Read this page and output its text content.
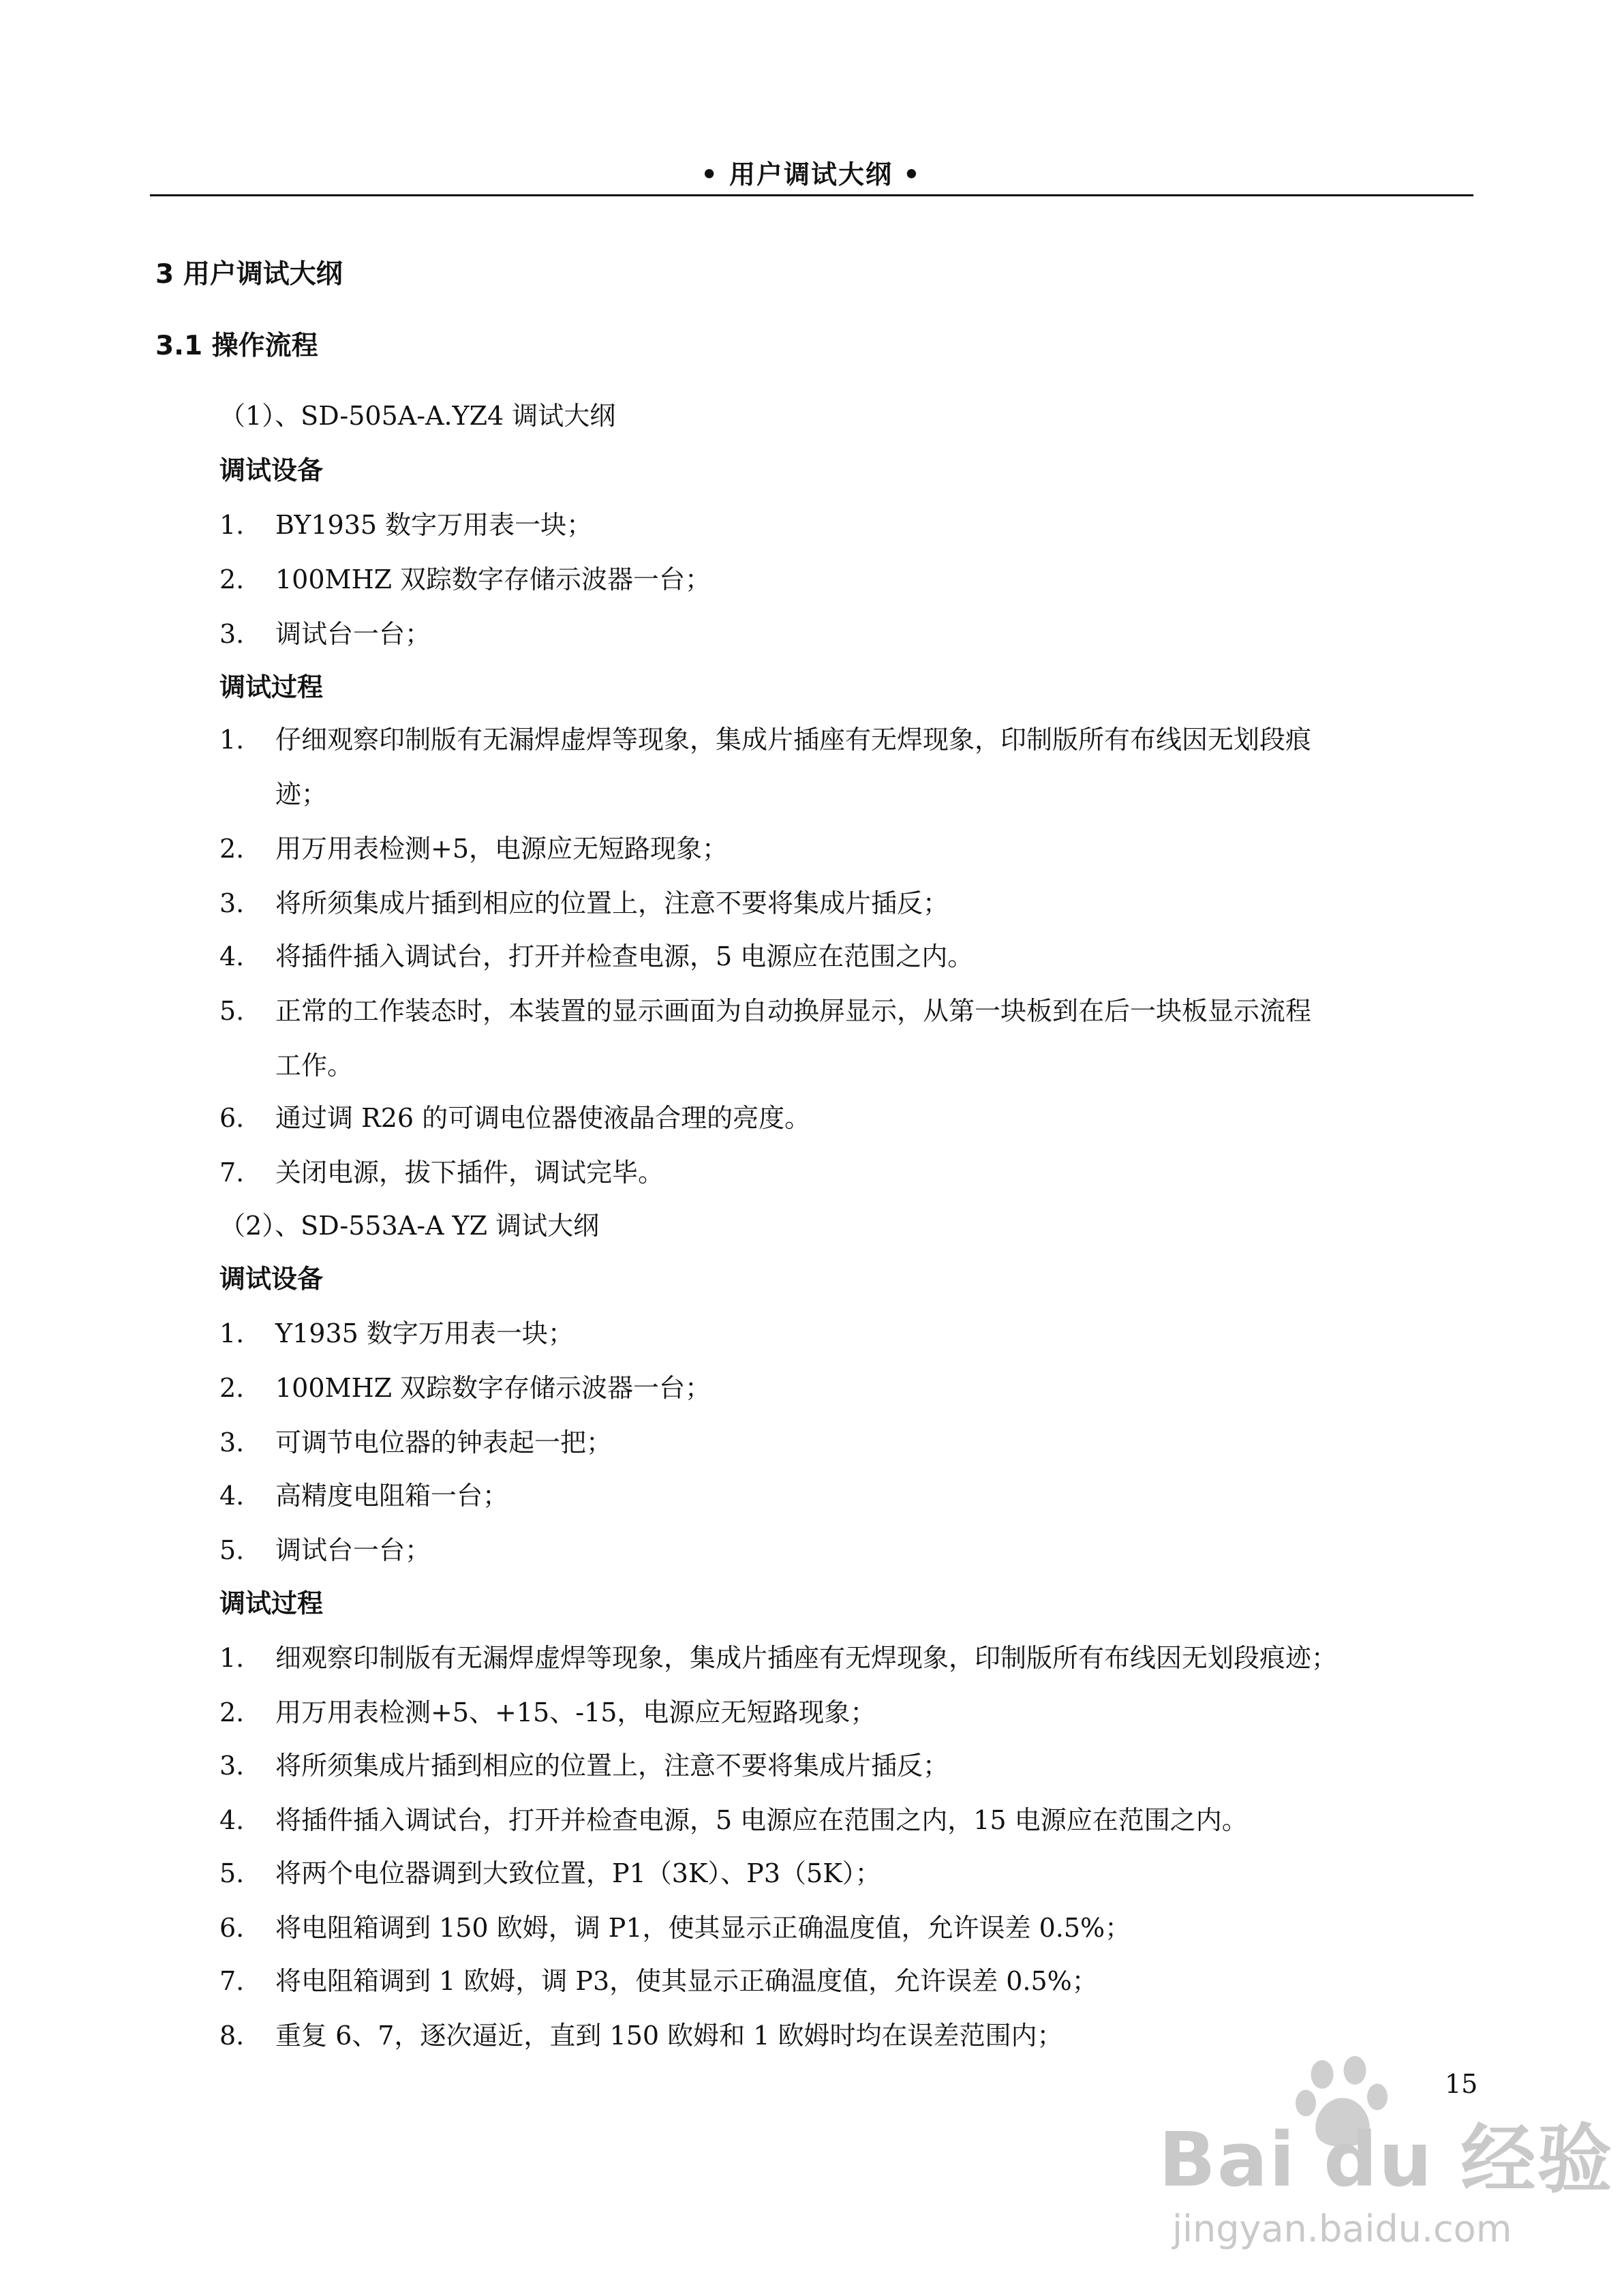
• 用户调试大纲 •
3 用户调试大纲
3.1 操作流程
（1）、SD-505A-A.YZ4 调试大纲
调试设备
1. BY1935 数字万用表一块；
2. 100MHZ 双踪数字存储示波器一台；
3. 调试台一台；
调试过程
1. 仔细观察印制版有无漏焊虚焊等现象，集成片插座有无焊现象，印制版所有布线因无划段痕
迹；
2. 用万用表检测+5，电源应无短路现象；
3. 将所须集成片插到相应的位置上，注意不要将集成片插反；
4. 将插件插入调试台，打开并检查电源，5 电源应在范围之内。
5. 正常的工作装态时，本装置的显示画面为自动换屏显示，从第一块板到在后一块板显示流程
工作。
6. 通过调 R26 的可调电位器使液晶合理的亮度。
7. 关闭电源，拔下插件，调试完毕。
（2）、SD-553A-A YZ 调试大纲
调试设备
1. Y1935 数字万用表一块；
2. 100MHZ 双踪数字存储示波器一台；
3. 可调节电位器的钟表起一把；
4. 高精度电阻箱一台；
5. 调试台一台；
调试过程
1. 细观察印制版有无漏焊虚焊等现象，集成片插座有无焊现象，印制版所有布线因无划段痕迹；
2. 用万用表检测+5、+15、-15，电源应无短路现象；
3. 将所须集成片插到相应的位置上，注意不要将集成片插反；
4. 将插件插入调试台，打开并检查电源，5 电源应在范围之内，15 电源应在范围之内。
5. 将两个电位器调到大致位置，P1（3K）、P3（5K）；
6. 将电阻箱调到 150 欧姆，调 P1，使其显示正确温度值，允许误差 0.5%；
7. 将电阻箱调到 1 欧姆，调 P3，使其显示正确温度值，允许误差 0.5%；
8. 重复 6、7，逐次逼近，直到 150 欧姆和 1 欧姆时均在误差范围内；
15
Bai du 经验
jingyan.baidu.com
